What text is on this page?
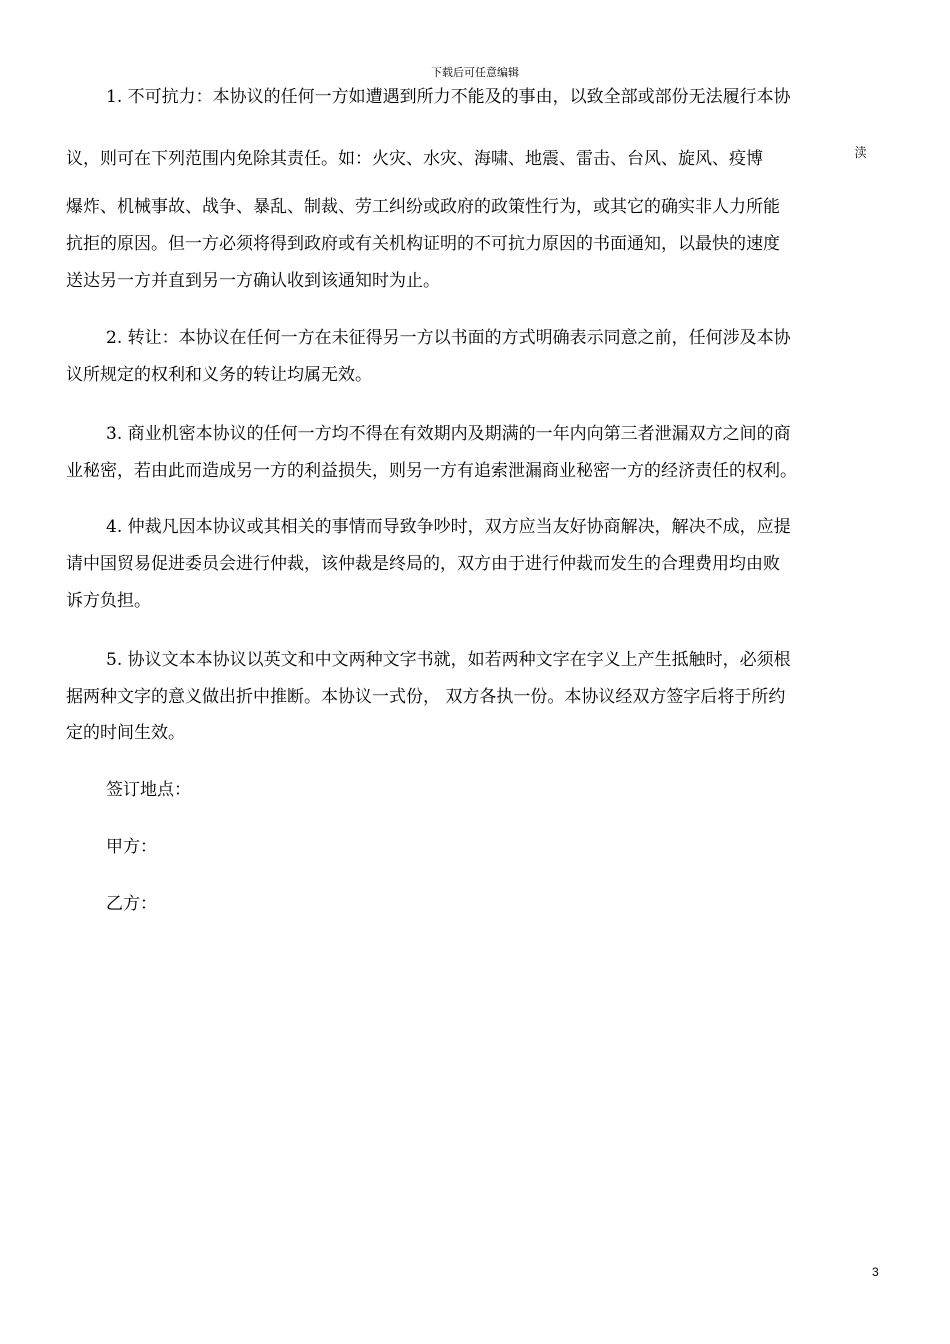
下载后可任意编辑
1. 不可抗力：本协议的任何一方如遭遇到所力不能及的事由，以致全部或部份无法履行本协
议，则可在下列范围内免除其责任。如：火灾、水灾、海啸、地震、雷击、台风、旋风、疫博	渎
爆炸、机械事故、战争、暴乱、制裁、劳工纠纷或政府的政策性行为，或其它的确实非人力所能
抗拒的原因。但一方必须将得到政府或有关机构证明的不可抗力原因的书面通知，以最快的速度
送达另一方并直到另一方确认收到该通知时为止。
2. 转让：本协议在任何一方在未征得另一方以书面的方式明确表示同意之前，任何涉及本协
议所规定的权利和义务的转让均属无效。
3. 商业机密本协议的任何一方均不得在有效期内及期满的一年内向第三者泄漏双方之间的商
业秘密，若由此而造成另一方的利益损失，则另一方有追索泄漏商业秘密一方的经济责任的权利。
4. 仲裁凡因本协议或其相关的事情而导致争吵时，双方应当友好协商解决，解决不成，应提
请中国贸易促进委员会进行仲裁，该仲裁是终局的，双方由于进行仲裁而发生的合理费用均由败
诉方负担。
5. 协议文本本协议以英文和中文两种文字书就，如若两种文字在字义上产生抵触时，必须根
据两种文字的意义做出折中推断。本协议一式份， 双方各执一份。本协议经双方签字后将于所约
定的时间生效。
签订地点：
甲方：
乙方：
3
